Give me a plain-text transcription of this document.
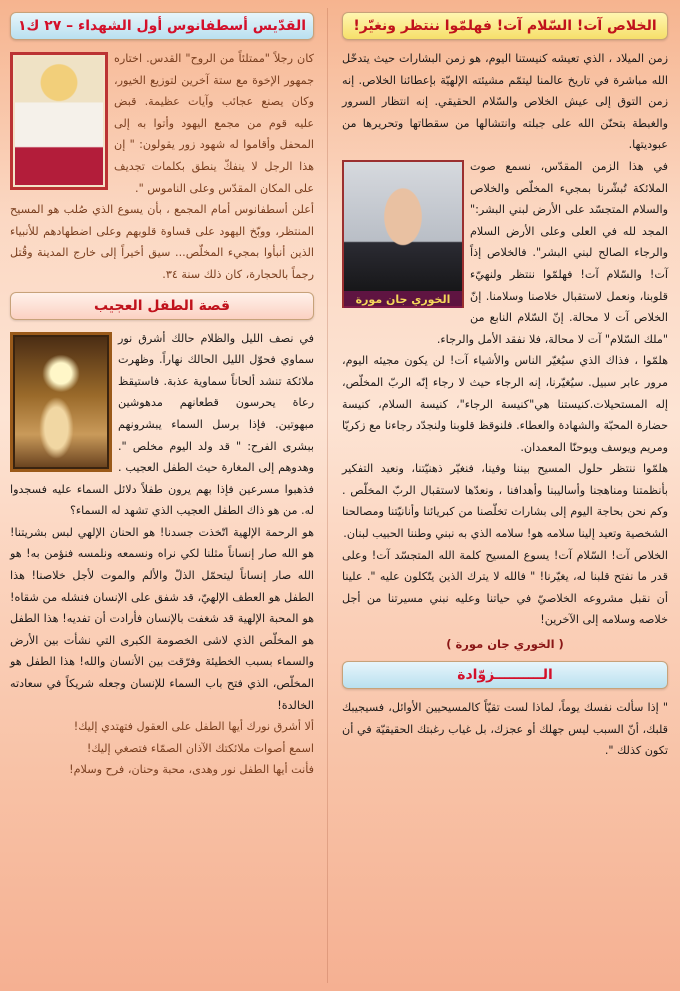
الخلاص آت! السّلام آت! فهلمّوا ننتظر ونغيّر!

زمن الميلاد ، الذي تعيشه كنيستنا اليوم، هو زمن البشارات حيث يتدخّل الله مباشرة في تاريخ عالمنا ليتمّم مشيئته الإلهيّة بإعطائنا الخلاص. إنه زمن التوق إلى عيش الخلاص والسّلام الحقيقي. إنه انتظار السرور والغبطة بتحنّن الله على جبلته وانتشالها من سقطاتها وتحريرها من عبوديتها.

الخوري جان مورة

في هذا الزمن المقدّس، نسمع صوت الملائكة تُبشّرنا بمجيء المخلّص والخلاص والسلام المتجسّد على الأرض لبني البشر:" المجد لله في العلى وعلى الأرض السلام والرجاء الصالح لبني البشر". فالخلاص إذاً آت! والسّلام آت! فهلمّوا ننتظر ولنهيّء قلوبنا، ونعمل لاستقبال خلاصنا وسلامنا. إنّ الخلاص آت لا محالة. إنّ السّلام النابع من "ملك السّلام" آت لا محالة، فلا نفقد الأمل والرجاء.

هلمّوا ، فذاك الذي سيُغيّر الناس والأشياء آت! لن يكون مجيئه اليوم، مرور عابر سبيل. سيُغيّرنا، إنه الرجاء حيث لا رجاء إنّه الربّ المخلّص، إله المستحيلات.كنيستنا هي"كنيسة الرجاء"، كنيسة السلام، كنيسة حضارة المحبّة والشهادة والعطاء. فلنوقظ قلوبنا ولنجدّد رجاءنا مع زكريّا ومريم ويوسف ويوحنّا المعمدان.

هلمّوا ننتظر حلول المسيح بيننا وفينا، فنغيّر ذهنيّتنا، ونعيد التفكير بأنظمتنا ومناهجنا وأساليبنا وأهدافنا ، ونعدّها لاستقبال الربّ المخلّص . وكم نحن بحاجة اليوم إلى بشارات تخلّصنا من كبريائنا وأنانيّتنا ومصالحنا الشخصية وتعيد إلينا سلامه هو! سلامه الذي به نبني وطننا الحبيب لبنان.

الخلاص آت! السّلام آت! يسوع المسيح كلمة الله المتجسّد آت! وعلى قدر ما نفتح قلبنا له، يغيّرنا! " فالله لا يترك الذين يتّكلون عليه ". علينا أن نقبل مشروعه الخلاصيّ في حياتنا وعليه نبني مسيرتنا من أجل خلاصه وسلامه إلى الآخرين!

( الخوري جان مورة )
الــــــــــزوّادة

" إذا سألت نفسك يوماً، لماذا لست تقيّاً كالمسيحيين الأوائل، فسيجيبك قلبك، أنّ السبب ليس جهلك أو عجزك، بل غياب رغبتك الحقيقيّة في أن تكون كذلك ".

القدّيس أسطفانوس أول الشهداء – ٢٧ ك١

كان رجلاً "ممتلئاً من الروح" القدس. اختاره جمهور الإخوة مع ستة آخرين لتوزيع الخيور، وكان يصنع عجائب وآيات عظيمة. قبض عليه قوم من مجمع اليهود وأتوا به إلى المحفل وأقاموا له شهود زور يقولون: " إن هذا الرجل لا ينفكّ ينطق بكلمات تجديف على المكان المقدّس وعلى الناموس ".

أعلن أسطفانوس أمام المجمع ، بأن يسوع الذي صُلب هو المسيح المنتظر، ووبّخ اليهود على قساوة قلوبهم وعلى اضطهادهم للأنبياء الذين أنبأوا بمجيء المخلّص... سيق أخيراً إلى خارج المدينة وقُتل رجماً بالحجارة، كان ذلك سنة ٣٤.

قصة الطفل العجيب

في نصف الليل والظلام حالك أشرق نور سماوي فحوّل الليل الحالك نهاراً. وظهرت ملائكة تنشد ألحاناً سماوية عذبة. فاستيقظ رعاة يحرسون قطعانهم مدهوشين مبهوتين. فإذا برسل السماء يبشرونهم ببشرى الفرح: " قد ولد اليوم مخلص ". وهدوهم إلى المغارة حيث الطفل العجيب . فذهبوا مسرعين فإذا بهم يرون طفلاً دلائل السماء عليه فسجدوا له. من هو ذاك الطفل العجيب الذي تشهد له السماء؟

هو الرحمة الإلهية اتّخذت جسدنا! هو الحنان الإلهي لبس بشريتنا! هو الله صار إنساناً مثلنا لكي نراه ونسمعه ونلمسه فنؤمن به! هو الله صار إنساناً ليتحمّل الذلّ والألم والموت لأجل خلاصنا! هذا الطفل هو العطف الإلهيّ، قد شفق على الإنسان فنشله من شقاه! هو المحبة الإلهية قد شغفت بالإنسان فأرادت أن تفديه! هذا الطفل هو المخلّص الذي لاشى الخصومة الكبرى التي نشأت بين الأرض والسماء بسبب الخطيئة وفرّقت بين الأنسان والله! هذا الطفل هو المخلّص، الذي فتح باب السماء للإنسان وجعله شريكاً في سعادته الخالدة!

ألا أشرق نورك أيها الطفل على العقول فتهتدي إليك!

اسمع أصوات ملائكتك الآذان الصمّاء فتصغي إليك!

فأنت أيها الطفل نور وهدى، محبة وحنان، فرح وسلام!
